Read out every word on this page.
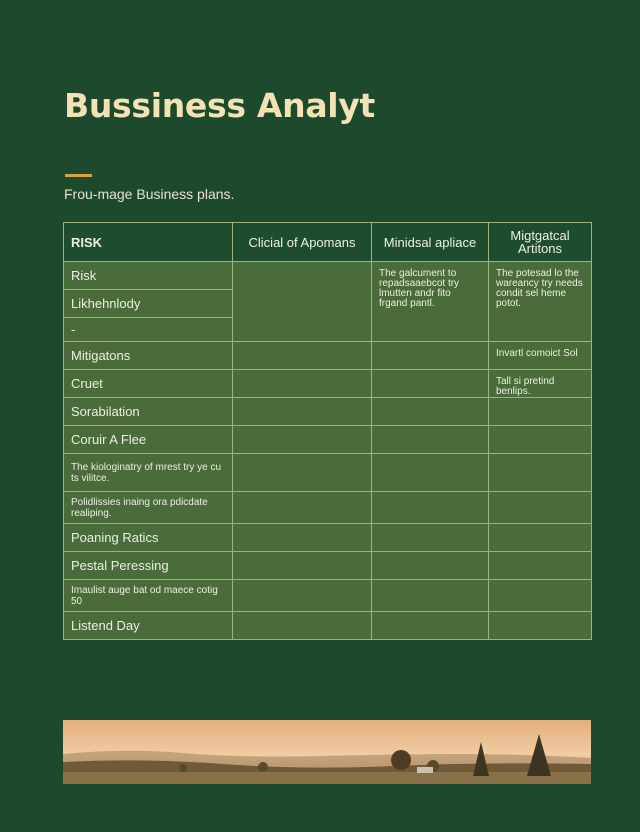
Bussiness Analyt

Frou-mage Business plans.

RISK	Clicial of Apomans	Minidsal apliace	Migtgatcal Artitons
Risk		The galcument to repadsaaebcot try lmutten andr fito frgand pantl.	The potesad lo the wareancy try needs condit sel heme potot.
Likhehnlody			
-			
Mitigatons			Invartl comoict Sol
Cruet			Tall si pretind benlips.
Sorabilation			
Coruir A Flee			
The kiologinatry of mrest try ye cu ts vilitce.			
Polidlissies inaing ora pdicdate realiping.			
Poaning Ratics			
Pestal Peressing			
Imaulist auge bat od maece cotig 50			
Listend Day			
